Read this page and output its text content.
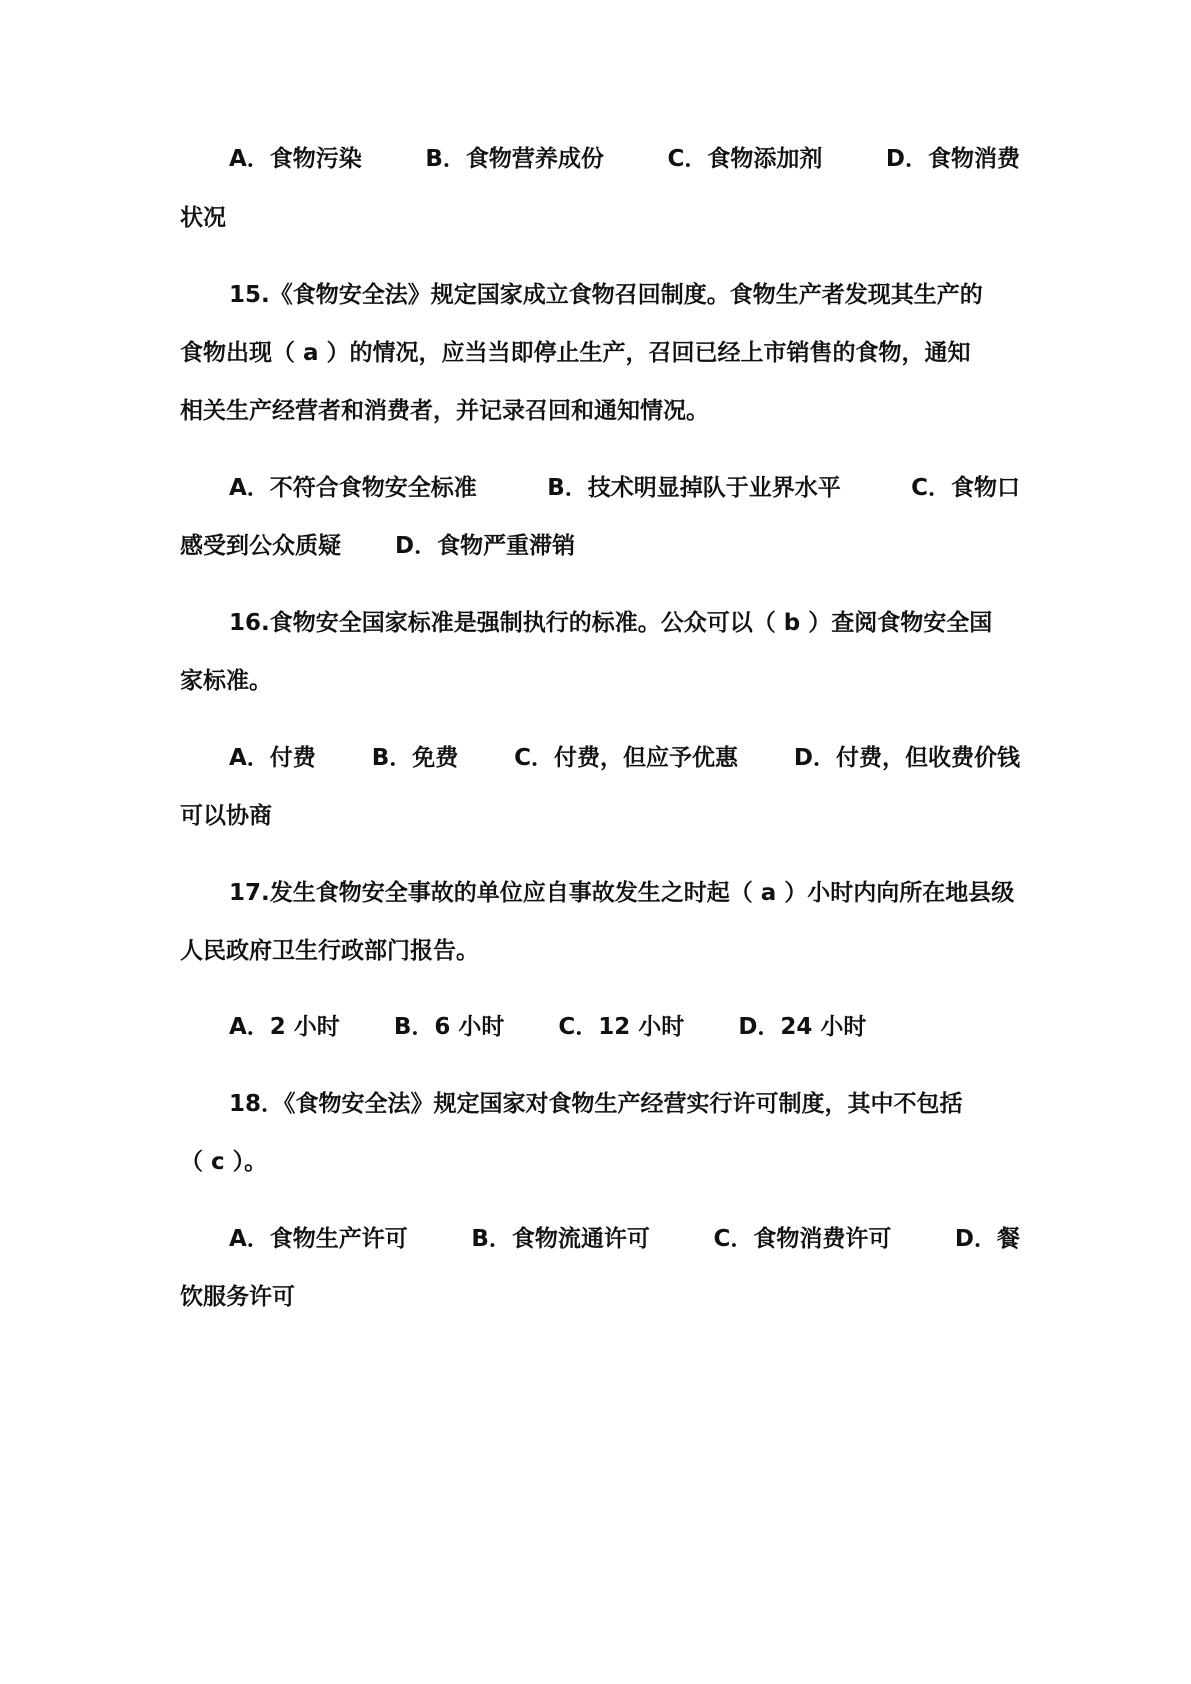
A．食物污染	B．食物营养成份	C．食物添加剂	D．食物消费
状况
15.《食物安全法》规定国家成立食物召回制度。食物生产者发现其生产的
食物出现（ a ）的情况，应当当即停止生产，召回已经上市销售的食物，通知
相关生产经营者和消费者，并记录召回和通知情况。
A．不符合食物安全标准	B．技术明显掉队于业界水平	C．食物口
感受到公众质疑 D．食物严重滞销
16.食物安全国家标准是强制执行的标准。公众可以（ b ）查阅食物安全国
家标准。
A．付费 B．免费 C．付费，但应予优惠 D．付费，但收费价钱
可以协商
17.发生食物安全事故的单位应自事故发生之时起（ a ）小时内向所在地县级
人民政府卫生行政部门报告。
A．2 小时 B．6 小时 C．12 小时 D．24 小时
18．《食物安全法》规定国家对食物生产经营实行许可制度，其中不包括
（ c ）。
A．食物生产许可	B．食物流通许可	C．食物消费许可	D．餐
饮服务许可
